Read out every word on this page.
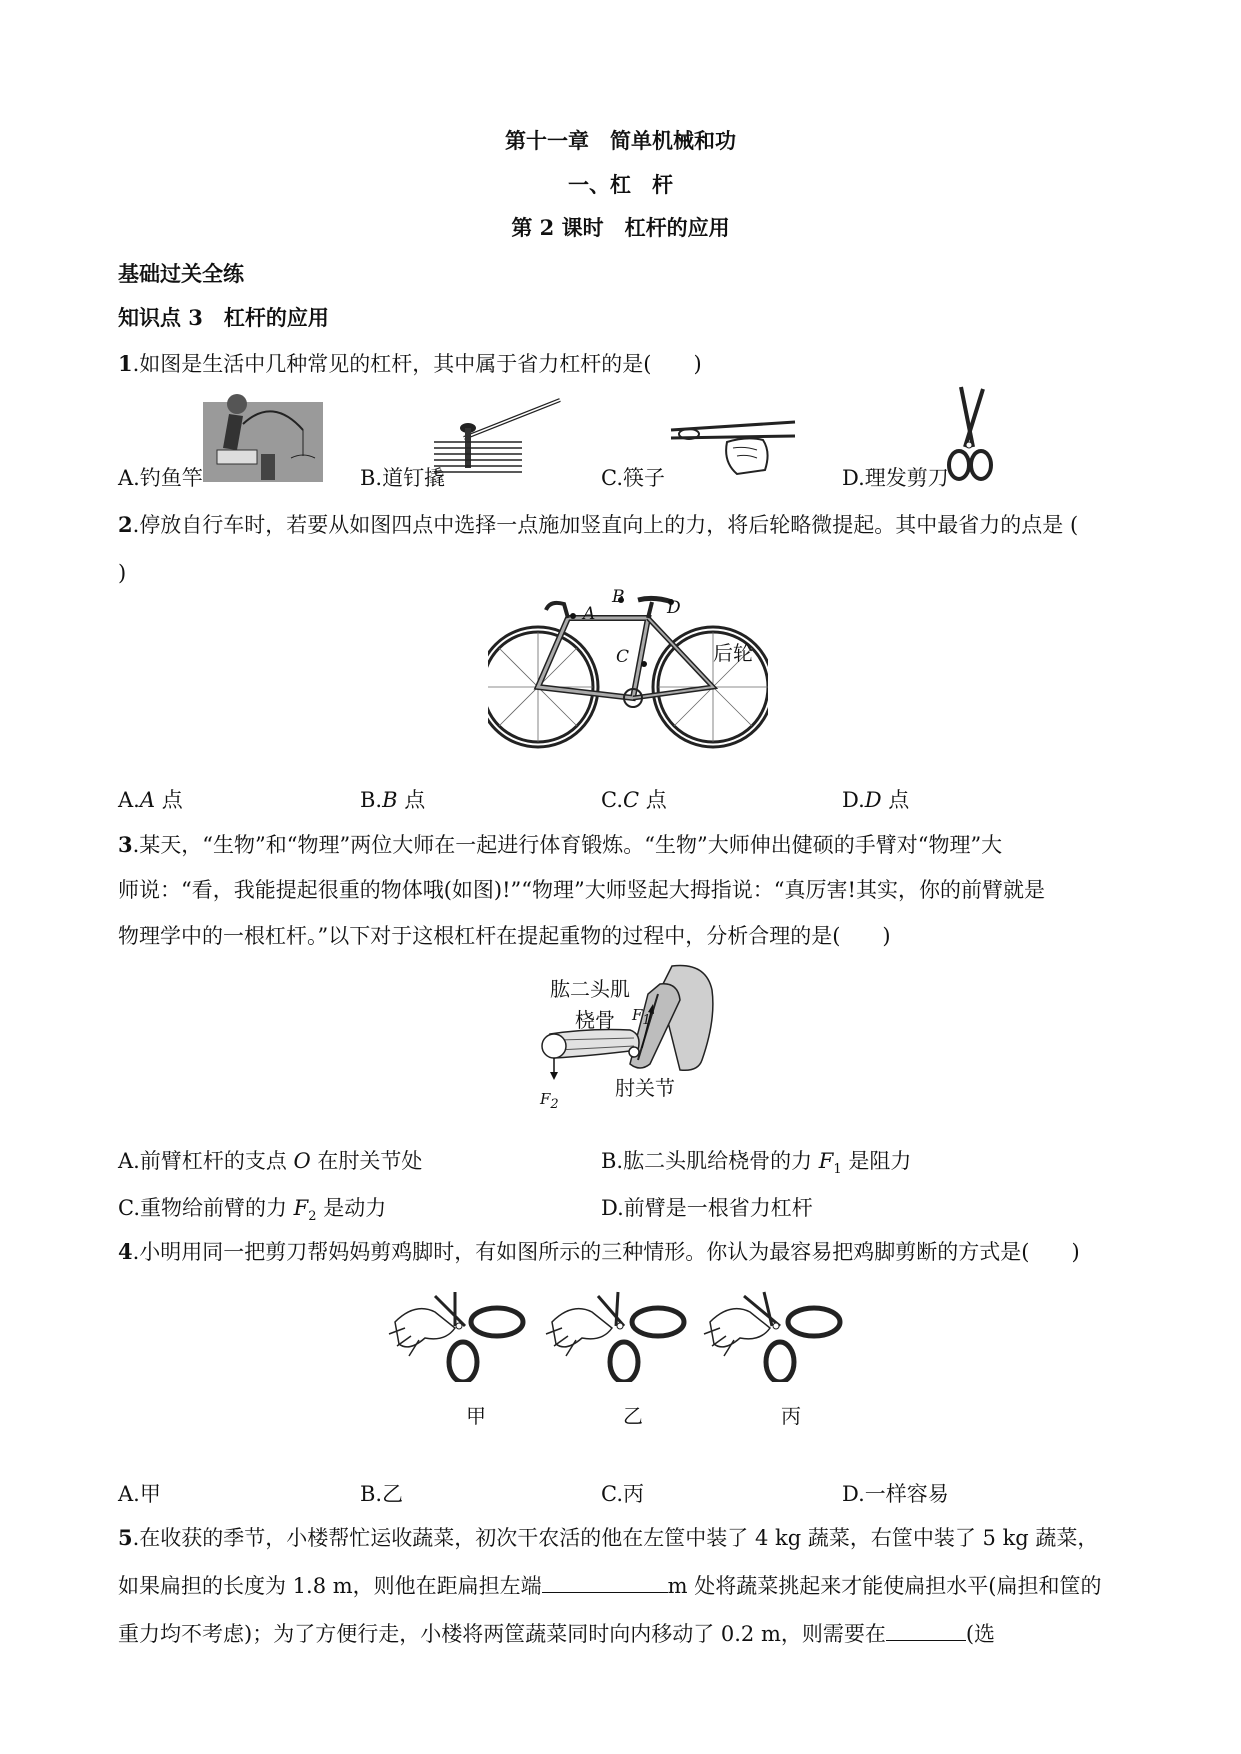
第十一章　简单机械和功
一、杠　杆
第 2 课时　杠杆的应用
基础过关全练
知识点 3　杠杆的应用
1.如图是生活中几种常见的杠杆，其中属于省力杠杆的是(　　)
A.钓鱼竿	B.道钉撬	C.筷子	D.理发剪刀
2.停放自行车时，若要从如图四点中选择一点施加竖直向上的力，将后轮略微提起。其中最省力的点是 (
)
A
B
C
D
后轮
A.A 点	B.B 点	C.C 点	D.D 点
3.某天，“生物”和“物理”两位大师在一起进行体育锻炼。“生物”大师伸出健硕的手臂对“物理”大
师说：“看，我能提起很重的物体哦(如图)!”“物理”大师竖起大拇指说：“真厉害!其实，你的前臂就是
物理学中的一根杠杆。”以下对于这根杠杆在提起重物的过程中，分析合理的是(　　)
肱二头肌
桡骨
肘关节
$F_1$
$F_2$
A.前臂杠杆的支点 O 在肘关节处	B.肱二头肌给桡骨的力 $F_1$ 是阻力
C.重物给前臂的力 $F_2$ 是动力	D.前臂是一根省力杠杆
4.小明用同一把剪刀帮妈妈剪鸡脚时，有如图所示的三种情形。你认为最容易把鸡脚剪断的方式是(　　)
甲	乙	丙
A.甲	B.乙	C.丙	D.一样容易
5.在收获的季节，小楼帮忙运收蔬菜，初次干农活的他在左筐中装了 4 kg 蔬菜，右筐中装了 5 kg 蔬菜，
如果扁担的长度为 1.8 m，则他在距扁担左端	m 处将蔬菜挑起来才能使扁担水平(扁担和筐的
重力均不考虑)；为了方便行走，小楼将两筐蔬菜同时向内移动了 0.2 m，则需要在	(选
